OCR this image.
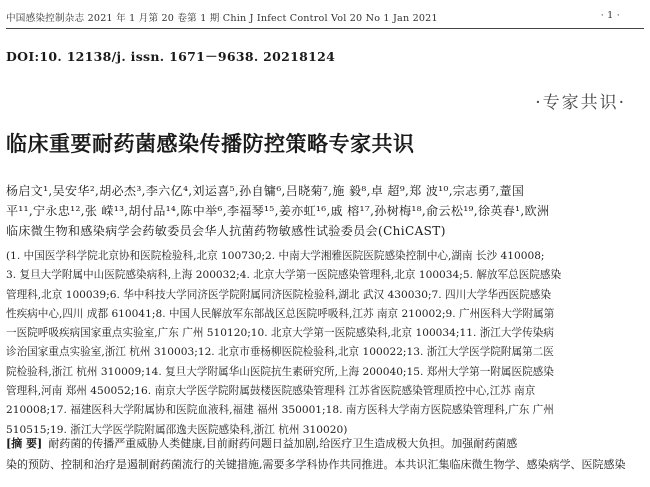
中国感染控制杂志 2021 年 1 月第 20 卷第 1 期 Chin J Infect Control Vol 20 No 1 Jan 2021	· 1 ·
DOI:10. 12138/j. issn. 1671－9638. 20218124
·专家共识·
临床重要耐药菌感染传播防控策略专家共识
杨启文¹,吴安华²,胡必杰³,李六亿⁴,刘运喜⁵,孙自镛⁶,吕晓菊⁷,施 毅⁸,卓 超⁹,郑 波¹⁰,宗志勇⁷,蕫国
平¹¹,宁永忠¹²,张 嵘¹³,胡付品¹⁴,陈中举⁶,李福琴¹⁵,姜亦虹¹⁶,戚 榕¹⁷,孙树梅¹⁸,俞云松¹⁹,徐英春¹,欧洲
临床微生物和感染病学会药敏委员会华人抗菌药物敏感性试验委员会(ChiCAST)
(1. 中国医学科学院北京协和医院检验科,北京 100730;2. 中南大学湘雅医院医院感染控制中心,湖南 长沙 410008;
3. 复旦大学附属中山医院感染病科,上海 200032;4. 北京大学第一医院感染管理科,北京 100034;5. 解放军总医院感染
管理科,北京 100039;6. 华中科技大学同济医学院附属同济医院检验科,湖北 武汉 430030;7. 四川大学华西医院感染
性疾病中心,四川 成都 610041;8. 中国人民解放军东部战区总医院呼吸科,江苏 南京 210002;9. 广州医科大学附属第
一医院呼吸疾病国家重点实验室,广东 广州 510120;10. 北京大学第一医院感染科,北京 100034;11. 浙江大学传染病
诊治国家重点实验室,浙江 杭州 310003;12. 北京市垂杨柳医院检验科,北京 100022;13. 浙江大学医学院附属第二医
院检验科,浙江 杭州 310009;14. 复旦大学附属华山医院抗生素研究所,上海 200040;15. 郑州大学第一附属医院感染
管理科,河南 郑州 450052;16. 南京大学医学院附属鼓楼医院感染管理科 江苏省医院感染管理质控中心,江苏 南京
210008;17. 福建医科大学附属协和医院血液科,福建 福州 350001;18. 南方医科大学南方医院感染管理科,广东 广州
510515;19. 浙江大学医学院附属邵逸夫医院感染科,浙江 杭州 310020)
[摘 要] 耐药菌的传播严重威胁人类健康,目前耐药问题日益加剧,给医疗卫生造成极大负担。加强耐药菌感
染的预防、控制和治疗是遏制耐药菌流行的关键措施,需要多学科协作共同推进。本共识汇集临床微生物学、感染病学、医院感染
